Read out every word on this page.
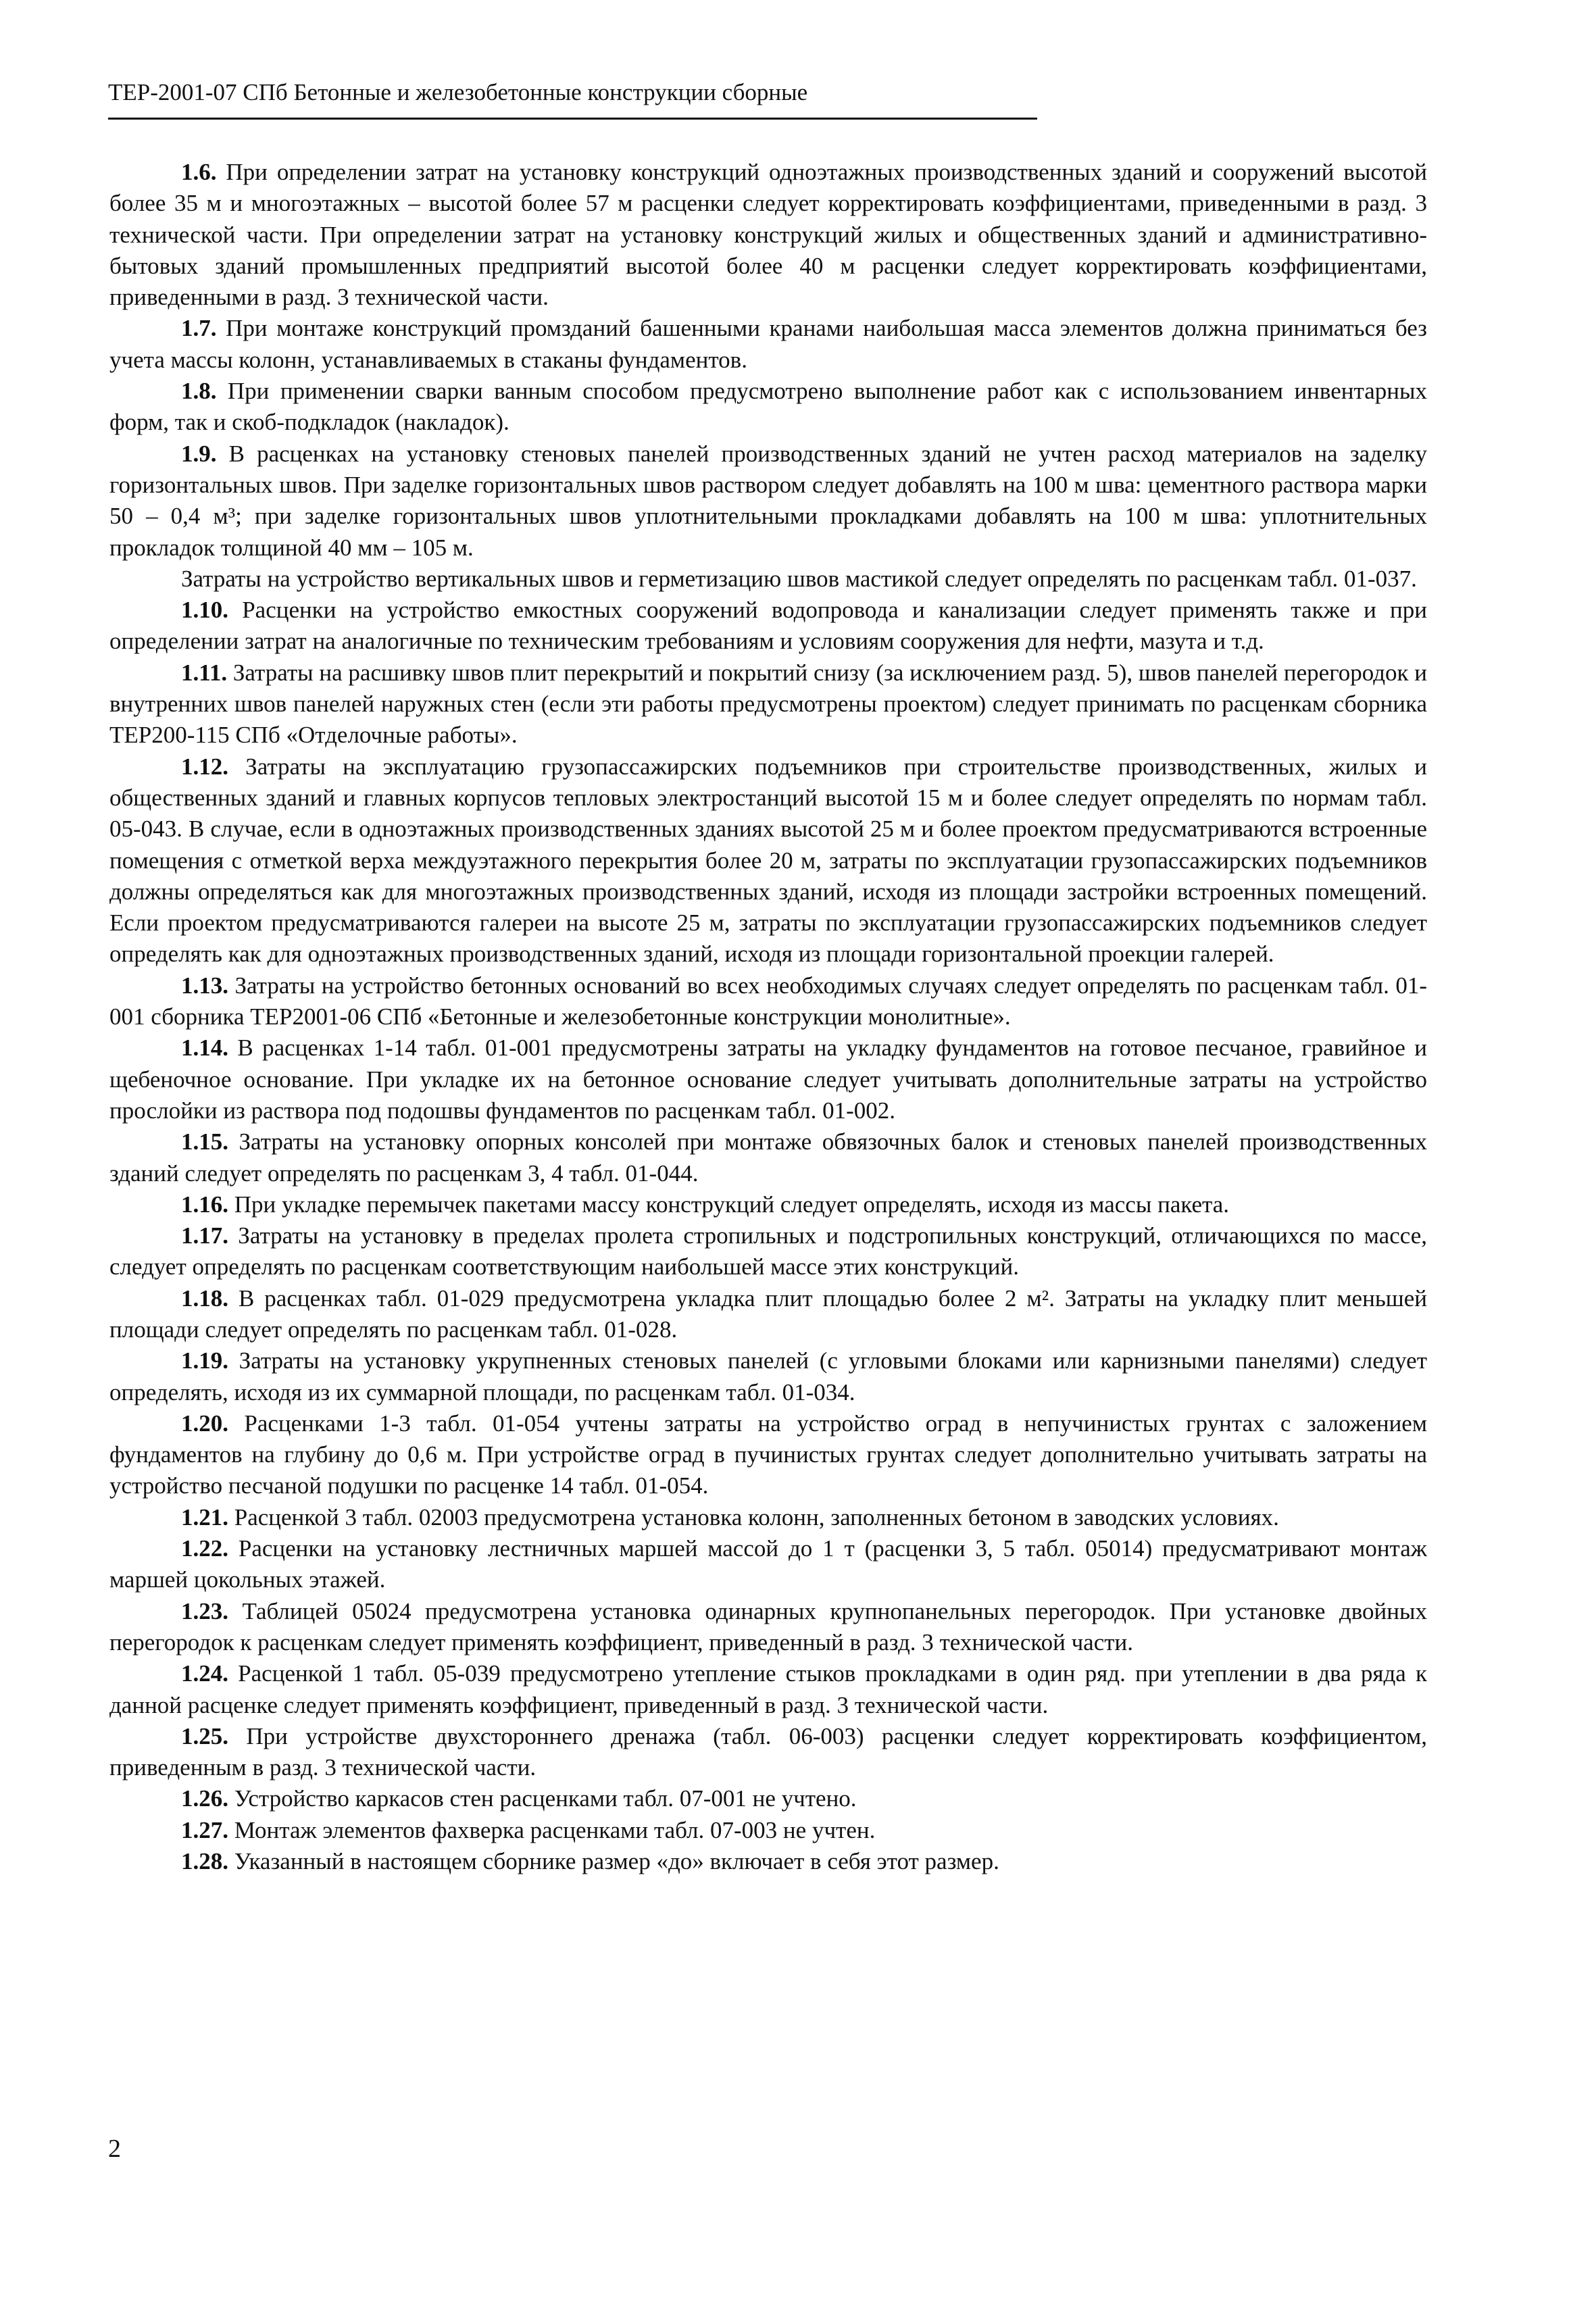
ТЕР-2001-07 СПб Бетонные и железобетонные конструкции сборные

1.6. При определении затрат на установку конструкций одноэтажных производственных зданий и сооружений высотой более 35 м и многоэтажных – высотой более 57 м расценки следует корректировать коэффициентами, приведенными в разд. 3 технической части. При определении затрат на установку конструкций жилых и общественных зданий и административно-бытовых зданий промышленных предприятий высотой более 40 м расценки следует корректировать коэффициентами, приведенными в разд. 3 технической части.

1.7. При монтаже конструкций промзданий башенными кранами наибольшая масса элементов должна приниматься без учета массы колонн, устанавливаемых в стаканы фундаментов.

1.8. При применении сварки ванным способом предусмотрено выполнение работ как с использованием инвентарных форм, так и скоб-подкладок (накладок).

1.9. В расценках на установку стеновых панелей производственных зданий не учтен расход материалов на заделку горизонтальных швов. При заделке горизонтальных швов раствором следует добавлять на 100 м шва: цементного раствора марки 50 – 0,4 м³; при заделке горизонтальных швов уплотнительными прокладками добавлять на 100 м шва: уплотнительных прокладок толщиной 40 мм – 105 м.

Затраты на устройство вертикальных швов и герметизацию швов мастикой следует определять по расценкам табл. 01-037.

1.10. Расценки на устройство емкостных сооружений водопровода и канализации следует применять также и при определении затрат на аналогичные по техническим требованиям и условиям сооружения для нефти, мазута и т.д.

1.11. Затраты на расшивку швов плит перекрытий и покрытий снизу (за исключением разд. 5), швов панелей перегородок и внутренних швов панелей наружных стен (если эти работы предусмотрены проектом) следует принимать по расценкам сборника ТЕР200-115 СПб «Отделочные работы».

1.12. Затраты на эксплуатацию грузопассажирских подъемников при строительстве производственных, жилых и общественных зданий и главных корпусов тепловых электростанций высотой 15 м и более следует определять по нормам табл. 05-043. В случае, если в одноэтажных производственных зданиях высотой 25 м и более проектом предусматриваются встроенные помещения с отметкой верха междуэтажного перекрытия более 20 м, затраты по эксплуатации грузопассажирских подъемников должны определяться как для многоэтажных производственных зданий, исходя из площади застройки встроенных помещений. Если проектом предусматриваются галереи на высоте 25 м, затраты по эксплуатации грузопассажирских подъемников следует определять как для одноэтажных производственных зданий, исходя из площади горизонтальной проекции галерей.

1.13. Затраты на устройство бетонных оснований во всех необходимых случаях следует определять по расценкам табл. 01-001 сборника ТЕР2001-06 СПб «Бетонные и железобетонные конструкции монолитные».

1.14. В расценках 1-14 табл. 01-001 предусмотрены затраты на укладку фундаментов на готовое песчаное, гравийное и щебеночное основание. При укладке их на бетонное основание следует учитывать дополнительные затраты на устройство прослойки из раствора под подошвы фундаментов по расценкам табл. 01-002.

1.15. Затраты на установку опорных консолей при монтаже обвязочных балок и стеновых панелей производственных зданий следует определять по расценкам 3, 4 табл. 01-044.

1.16. При укладке перемычек пакетами массу конструкций следует определять, исходя из массы пакета.

1.17. Затраты на установку в пределах пролета стропильных и подстропильных конструкций, отличающихся по массе, следует определять по расценкам соответствующим наибольшей массе этих конструкций.

1.18. В расценках табл. 01-029 предусмотрена укладка плит площадью более 2 м². Затраты на укладку плит меньшей площади следует определять по расценкам табл. 01-028.

1.19. Затраты на установку укрупненных стеновых панелей (с угловыми блоками или карнизными панелями) следует определять, исходя из их суммарной площади, по расценкам табл. 01-034.

1.20. Расценками 1-3 табл. 01-054 учтены затраты на устройство оград в непучинистых грунтах с заложением фундаментов на глубину до 0,6 м. При устройстве оград в пучинистых грунтах следует дополнительно учитывать затраты на устройство песчаной подушки по расценке 14 табл. 01-054.

1.21. Расценкой 3 табл. 02003 предусмотрена установка колонн, заполненных бетоном в заводских условиях.

1.22. Расценки на установку лестничных маршей массой до 1 т (расценки 3, 5 табл. 05014) предусматривают монтаж маршей цокольных этажей.

1.23. Таблицей 05024 предусмотрена установка одинарных крупнопанельных перегородок. При установке двойных перегородок к расценкам следует применять коэффициент, приведенный в разд. 3 технической части.

1.24. Расценкой 1 табл. 05-039 предусмотрено утепление стыков прокладками в один ряд. при утеплении в два ряда к данной расценке следует применять коэффициент, приведенный в разд. 3 технической части.

1.25. При устройстве двухстороннего дренажа (табл. 06-003) расценки следует корректировать коэффициентом, приведенным в разд. 3 технической части.

1.26. Устройство каркасов стен расценками табл. 07-001 не учтено.

1.27. Монтаж элементов фахверка расценками табл. 07-003 не учтен.

1.28. Указанный в настоящем сборнике размер «до» включает в себя этот размер.

2
